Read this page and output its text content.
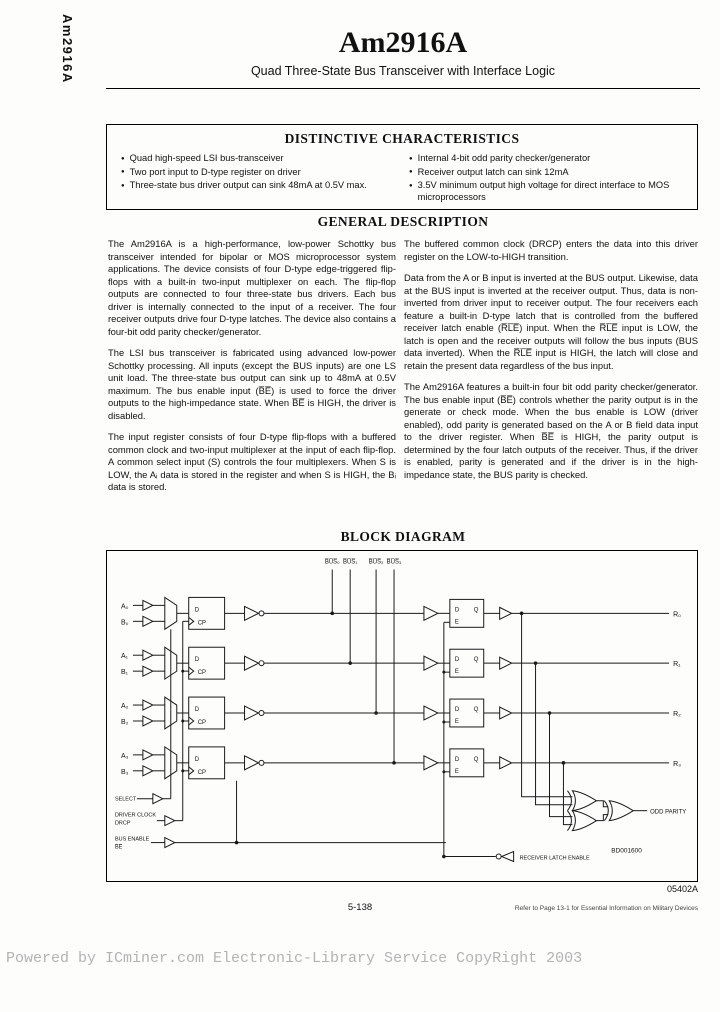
Am2916A	Am2916A
Quad Three-State Bus Transceiver with Interface Logic
DISTINCTIVE CHARACTERISTICS
● Quad high-speed LSI bus-transceiver
● Two port input to D-type register on driver
● Three-state bus driver output can sink 48mA at 0.5V max.
● Internal 4-bit odd parity checker/generator
● Receiver output latch can sink 12mA
● 3.5V minimum output high voltage for direct interface to MOS microprocessors
GENERAL DESCRIPTION

The Am2916A is a high-performance, low-power Schottky bus transceiver intended for bipolar or MOS microprocessor system applications. The device consists of four D-type edge-triggered flip-flops with a built-in two-input multiplexer on each. The flip-flop outputs are connected to four three-state bus drivers. Each bus driver is internally connected to the input of a receiver. The four receiver outputs drive four D-type latches. The device also contains a four-bit odd parity checker/generator.

The LSI bus transceiver is fabricated using advanced low-power Schottky processing. All inputs (except the BUS inputs) are one LS unit load. The three-state bus output can sink up to 48mA at 0.5V maximum. The bus enable input (B̅E̅) is used to force the driver outputs to the high-impedance state. When B̅E̅ is HIGH, the driver is disabled.

The input register consists of four D-type flip-flops with a buffered common clock and two-input multiplexer at the input of each flip-flop. A common select input (S) controls the four multiplexers. When S is LOW, the Aᵢ data is stored in the register and when S is HIGH, the Bᵢ data is stored.

The buffered common clock (DRCP) enters the data into this driver register on the LOW-to-HIGH transition.

Data from the A or B input is inverted at the BUS output. Likewise, data at the BUS input is inverted at the receiver output. Thus, data is non-inverted from driver input to receiver output. The four receivers each feature a built-in D-type latch that is controlled from the buffered receiver latch enable (R̅L̅E̅) input. When the R̅L̅E̅ input is LOW, the latch is open and the receiver outputs will follow the bus inputs (BUS data inverted). When the R̅L̅E̅ input is HIGH, the latch will close and retain the present data regardless of the bus input.

The Am2916A features a built-in four bit odd parity checker/generator. The bus enable input (B̅E̅) controls whether the parity output is in the generate or check mode. When the bus enable is LOW (driver enabled), odd parity is generated based on the A or B field data input to the driver register. When B̅E̅ is HIGH, the parity output is determined by the four latch outputs of the receiver. Thus, if the driver is enabled, parity is generated and if the driver is in the high-impedance state, the BUS parity is checked.

BLOCK DIAGRAM
A₀
B₀
D
CP
B̅U̅S̅₀
D
E
Q
R₀
A₁
B₁
D
CP
B̅U̅S̅₁
D
E
Q
R₁
A₂
B₂
D
CP
B̅U̅S̅₂
D
E
Q
R₂
A₃
B₃
D
CP
B̅U̅S̅₃
D
E
Q
R₃
ODD PARITY
SELECT
DRIVER CLOCK
DRCP
BUS ENABLE
B̅E̅
RECEIVER LATCH ENABLE
BD001600
05402A
5-138	Refer to Page 13-1 for Essential Information on Military Devices
Powered by ICminer.com Electronic-Library Service CopyRight 2003
